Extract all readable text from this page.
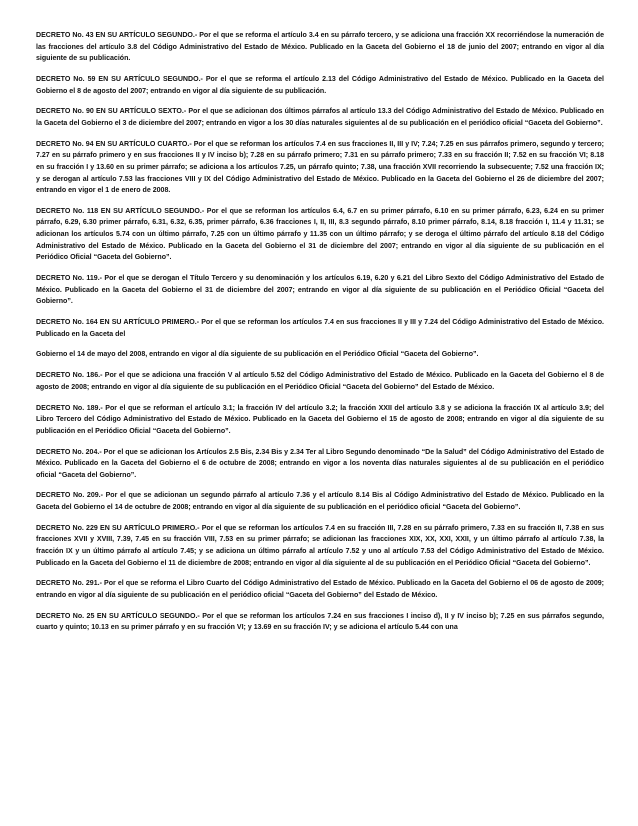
DECRETO No. 43 EN SU ARTÍCULO SEGUNDO.- Por el que se reforma el artículo 3.4 en su párrafo tercero, y se adiciona una fracción XX recorriéndose la numeración de las fracciones del artículo 3.8 del Código Administrativo del Estado de México. Publicado en la Gaceta del Gobierno el 18 de junio del 2007; entrando en vigor al día siguiente de su publicación.

DECRETO No. 59 EN SU ARTÍCULO SEGUNDO.- Por el que se reforma el artículo 2.13 del Código Administrativo del Estado de México. Publicado en la Gaceta del Gobierno el 8 de agosto del 2007; entrando en vigor al día siguiente de su publicación.

DECRETO No. 90 EN SU ARTÍCULO SEXTO.- Por el que se adicionan dos últimos párrafos al artículo 13.3 del Código Administrativo del Estado de México. Publicado en la Gaceta del Gobierno el 3 de diciembre del 2007; entrando en vigor a los 30 días naturales siguientes al de su publicación en el periódico oficial “Gaceta del Gobierno”.

DECRETO No. 94 EN SU ARTÍCULO CUARTO.- Por el que se reforman los artículos 7.4 en sus fracciones II, III y IV; 7.24; 7.25 en sus párrafos primero, segundo y tercero; 7.27 en su párrafo primero y en sus fracciones II y IV inciso b); 7.28 en su párrafo primero; 7.31 en su párrafo primero; 7.33 en su fracción II; 7.52 en su fracción VI; 8.18 en su fracción I y 13.60 en su primer párrafo; se adiciona a los artículos 7.25, un párrafo quinto; 7.38, una fracción XVII recorriendo la subsecuente; 7.52 una fracción IX; y se derogan al artículo 7.53 las fracciones VIII y IX del Código Administrativo del Estado de México. Publicado en la Gaceta del Gobierno el 26 de diciembre del 2007; entrando en vigor el 1 de enero de 2008.

DECRETO No. 118 EN SU ARTÍCULO SEGUNDO.- Por el que se reforman los artículos 6.4, 6.7 en su primer párrafo, 6.10 en su primer párrafo, 6.23, 6.24 en su primer párrafo, 6.29, 6.30 primer párrafo, 6.31, 6.32, 6.35, primer párrafo, 6.36 fracciones I, II, III, 8.3 segundo párrafo, 8.10 primer párrafo, 8.14, 8.18 fracción I, 11.4 y 11.31; se adicionan los artículos 5.74 con un último párrafo, 7.25 con un último párrafo y 11.35 con un último párrafo; y se deroga el último párrafo del artículo 8.18 del Código Administrativo del Estado de México. Publicado en la Gaceta del Gobierno el 31 de diciembre del 2007; entrando en vigor al día siguiente de su publicación en el Periódico Oficial “Gaceta del Gobierno”.

DECRETO No. 119.- Por el que se derogan el Título Tercero y su denominación y los artículos 6.19, 6.20 y 6.21 del Libro Sexto del Código Administrativo del Estado de México. Publicado en la Gaceta del Gobierno el 31 de diciembre del 2007; entrando en vigor al día siguiente de su publicación en el Periódico Oficial “Gaceta del Gobierno”.

DECRETO No. 164 EN SU ARTÍCULO PRIMERO.- Por el que se reforman los artículos 7.4 en sus fracciones II y III y 7.24 del Código Administrativo del Estado de México. Publicado en la Gaceta del

Gobierno el 14 de mayo del 2008, entrando en vigor al día siguiente de su publicación en el Periódico Oficial “Gaceta del Gobierno”.

DECRETO No. 186.- Por el que se adiciona una fracción V al artículo 5.52 del Código Administrativo del Estado de México. Publicado en la Gaceta del Gobierno el 8 de agosto de 2008; entrando en vigor al día siguiente de su publicación en el Periódico Oficial “Gaceta del Gobierno” del Estado de México.

DECRETO No. 189.- Por el que se reforman el artículo 3.1; la fracción IV del artículo 3.2; la fracción XXII del artículo 3.8 y se adiciona la fracción IX al artículo 3.9; del Libro Tercero del Código Administrativo del Estado de México. Publicado en la Gaceta del Gobierno el 15 de agosto de 2008; entrando en vigor al día siguiente de su publicación en el Periódico Oficial “Gaceta del Gobierno”.

DECRETO No. 204.- Por el que se adicionan los Artículos 2.5 Bis, 2.34 Bis y 2.34 Ter al Libro Segundo denominado “De la Salud” del Código Administrativo del Estado de México. Publicado en la Gaceta del Gobierno el 6 de octubre de 2008; entrando en vigor a los noventa días naturales siguientes al de su publicación en el periódico oficial “Gaceta del Gobierno”.

DECRETO No. 209.- Por el que se adicionan un segundo párrafo al artículo 7.36 y el artículo 8.14 Bis al Código Administrativo del Estado de México. Publicado en la Gaceta del Gobierno el 14 de octubre de 2008; entrando en vigor al día siguiente de su publicación en el periódico oficial “Gaceta del Gobierno”.

DECRETO No. 229 EN SU ARTÍCULO PRIMERO.- Por el que se reforman los artículos 7.4 en su fracción III, 7.28 en su párrafo primero, 7.33 en su fracción II, 7.38 en sus fracciones XVII y XVIII, 7.39, 7.45 en su fracción VIII, 7.53 en su primer párrafo; se adicionan las fracciones XIX, XX, XXI, XXII, y un último párrafo al artículo 7.38, la fracción IX y un último párrafo al artículo 7.45; y se adiciona un último párrafo al artículo 7.52 y uno al artículo 7.53 del Código Administrativo del Estado de México. Publicado en la Gaceta del Gobierno el 11 de diciembre de 2008; entrando en vigor al día siguiente al de su publicación en el Periódico Oficial “Gaceta del Gobierno”.

DECRETO No. 291.- Por el que se reforma el Libro Cuarto del Código Administrativo del Estado de México. Publicado en la Gaceta del Gobierno el 06 de agosto de 2009; entrando en vigor al día siguiente de su publicación en el periódico oficial “Gaceta del Gobierno” del Estado de México.

DECRETO No. 25 EN SU ARTÍCULO SEGUNDO.- Por el que se reforman los artículos 7.24 en sus fracciones I inciso d), II y IV inciso b); 7.25 en sus párrafos segundo, cuarto y quinto; 10.13 en su primer párrafo y en su fracción VI; y 13.69 en su fracción IV; y se adiciona el artículo 5.44 con una
